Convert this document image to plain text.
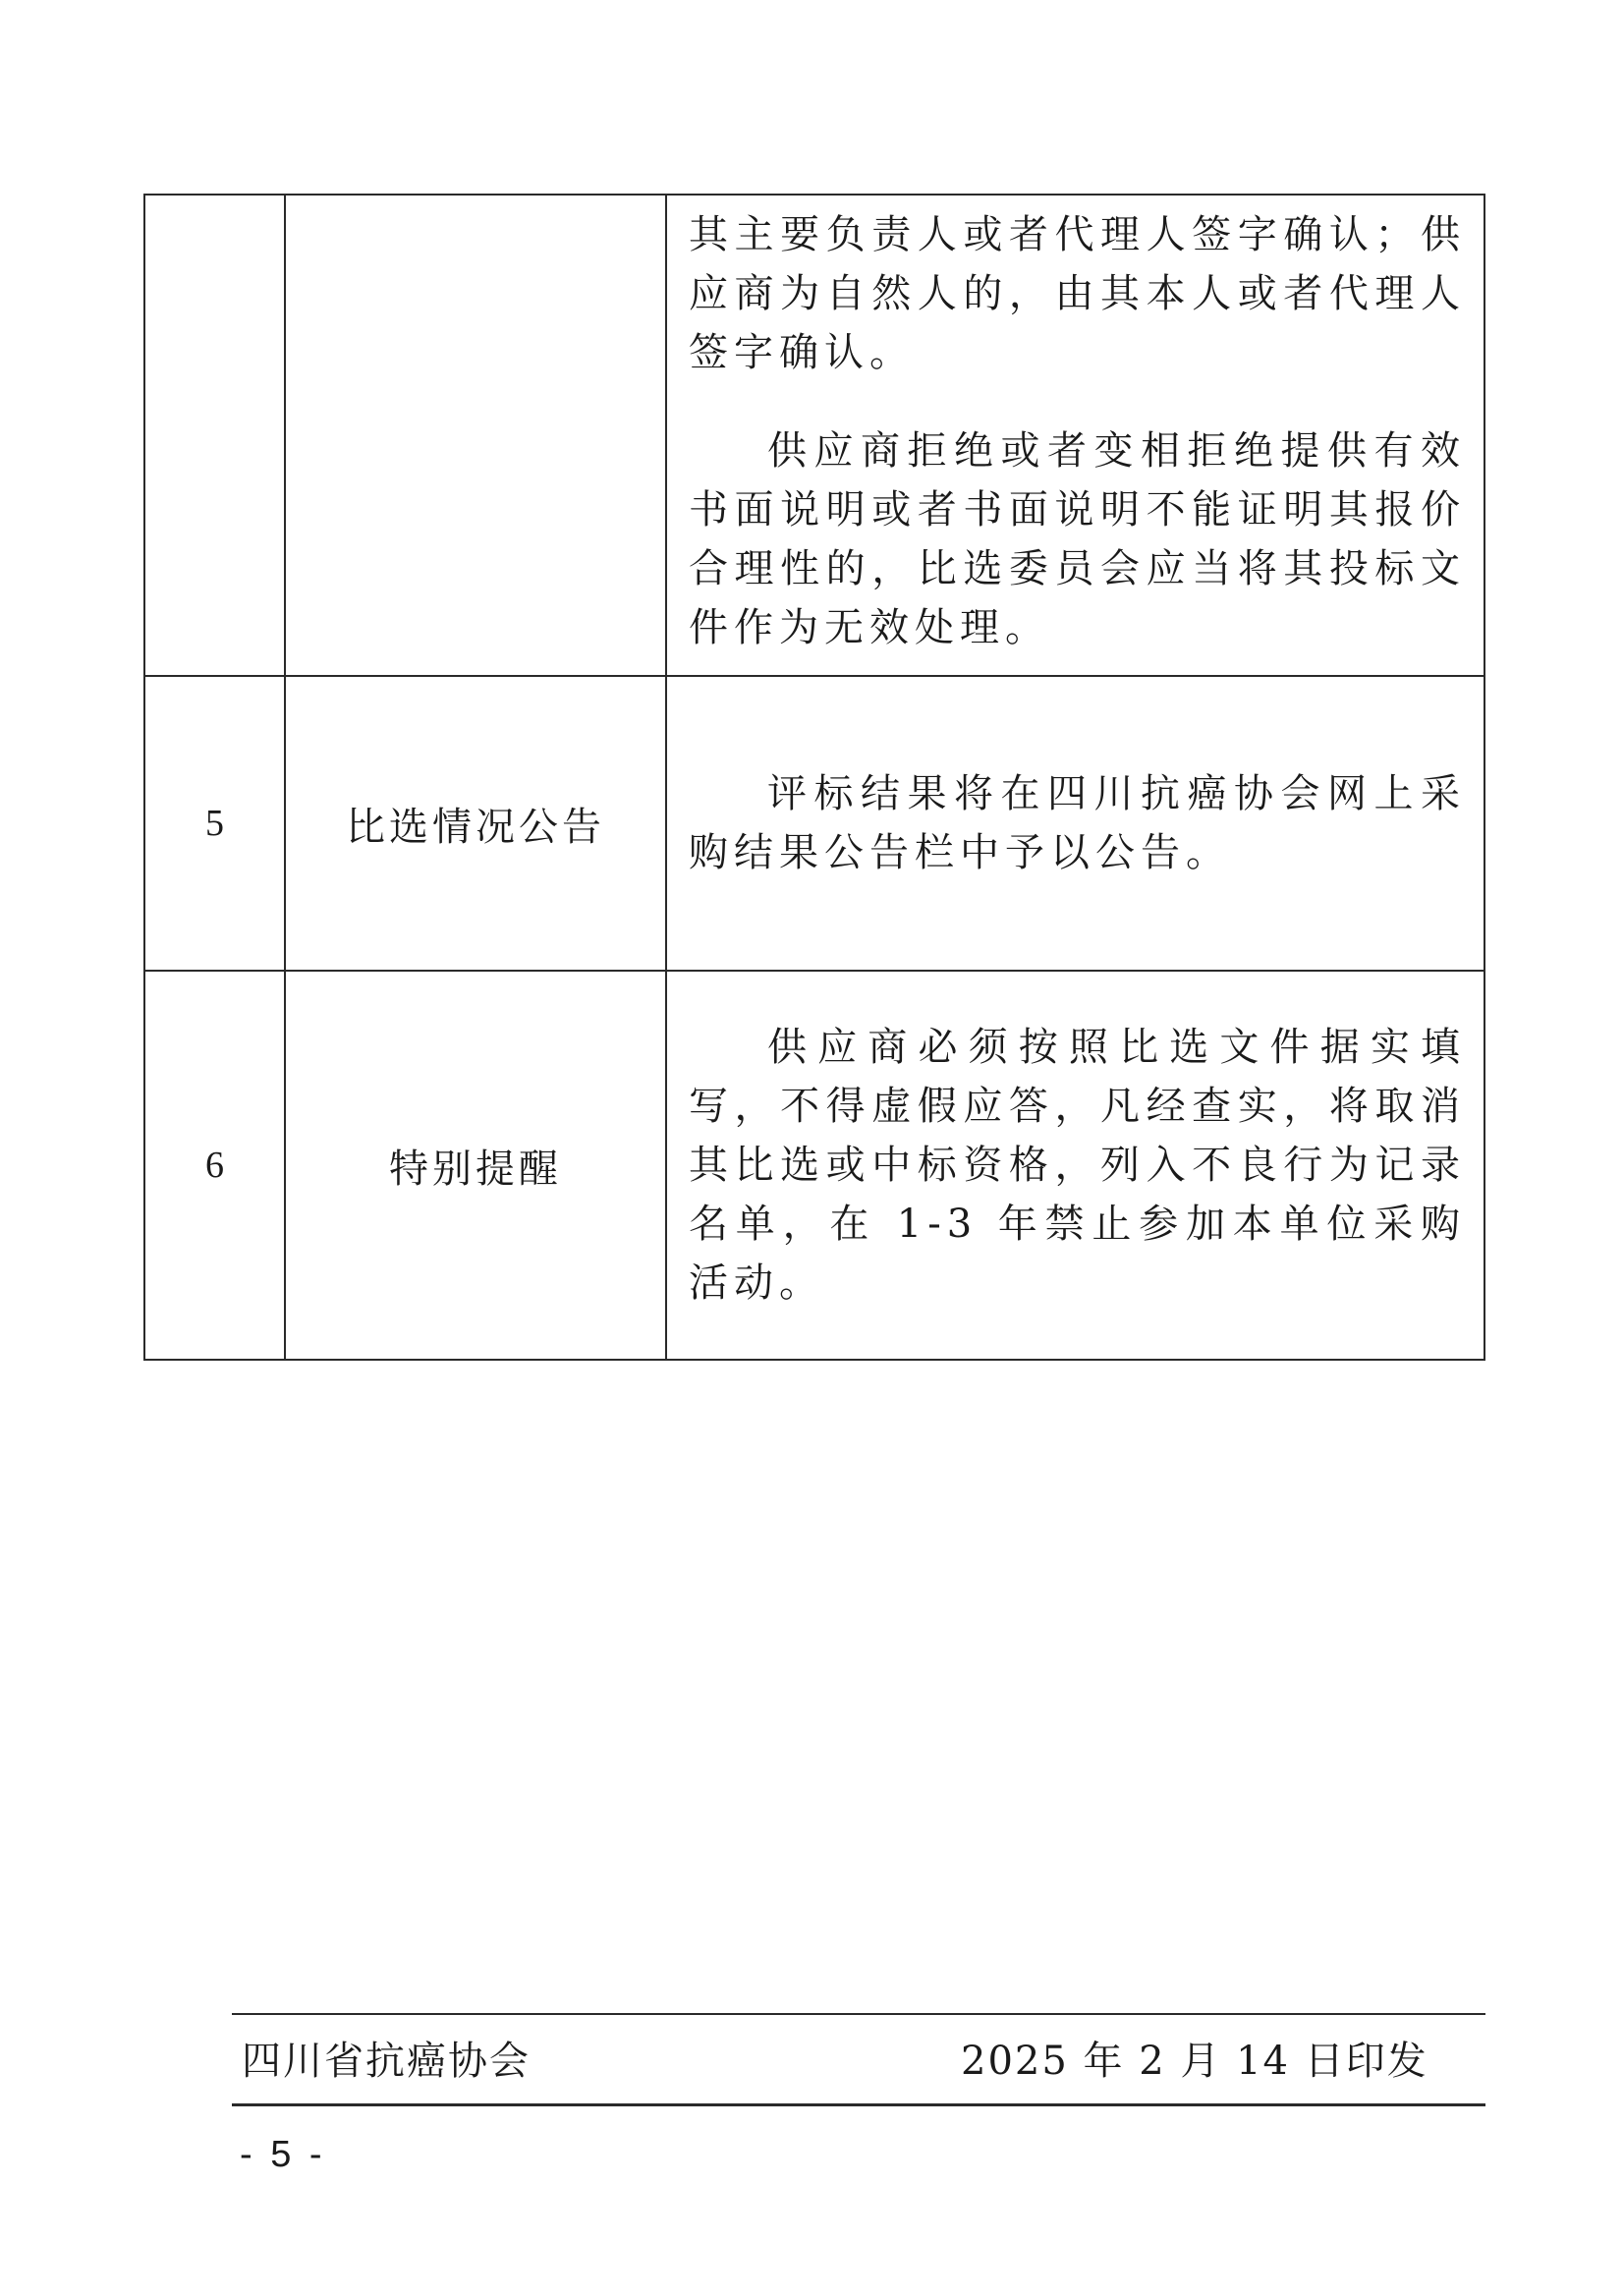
		其主要负责人或者代理人签字确认；供应商为自然人的，由其本人或者代理人签字确认。

供应商拒绝或者变相拒绝提供有效书面说明或者书面说明不能证明其报价合理性的，比选委员会应当将其投标文件作为无效处理。

5	比选情况公告	评标结果将在四川抗癌协会网上采购结果公告栏中予以公告。

6	特别提醒	供应商必须按照比选文件据实填写，不得虚假应答，凡经查实，将取消其比选或中标资格，列入不良行为记录名单，在 1-3 年禁止参加本单位采购活动。

四川省抗癌协会	2025 年 2 月 14 日印发
- 5 -
